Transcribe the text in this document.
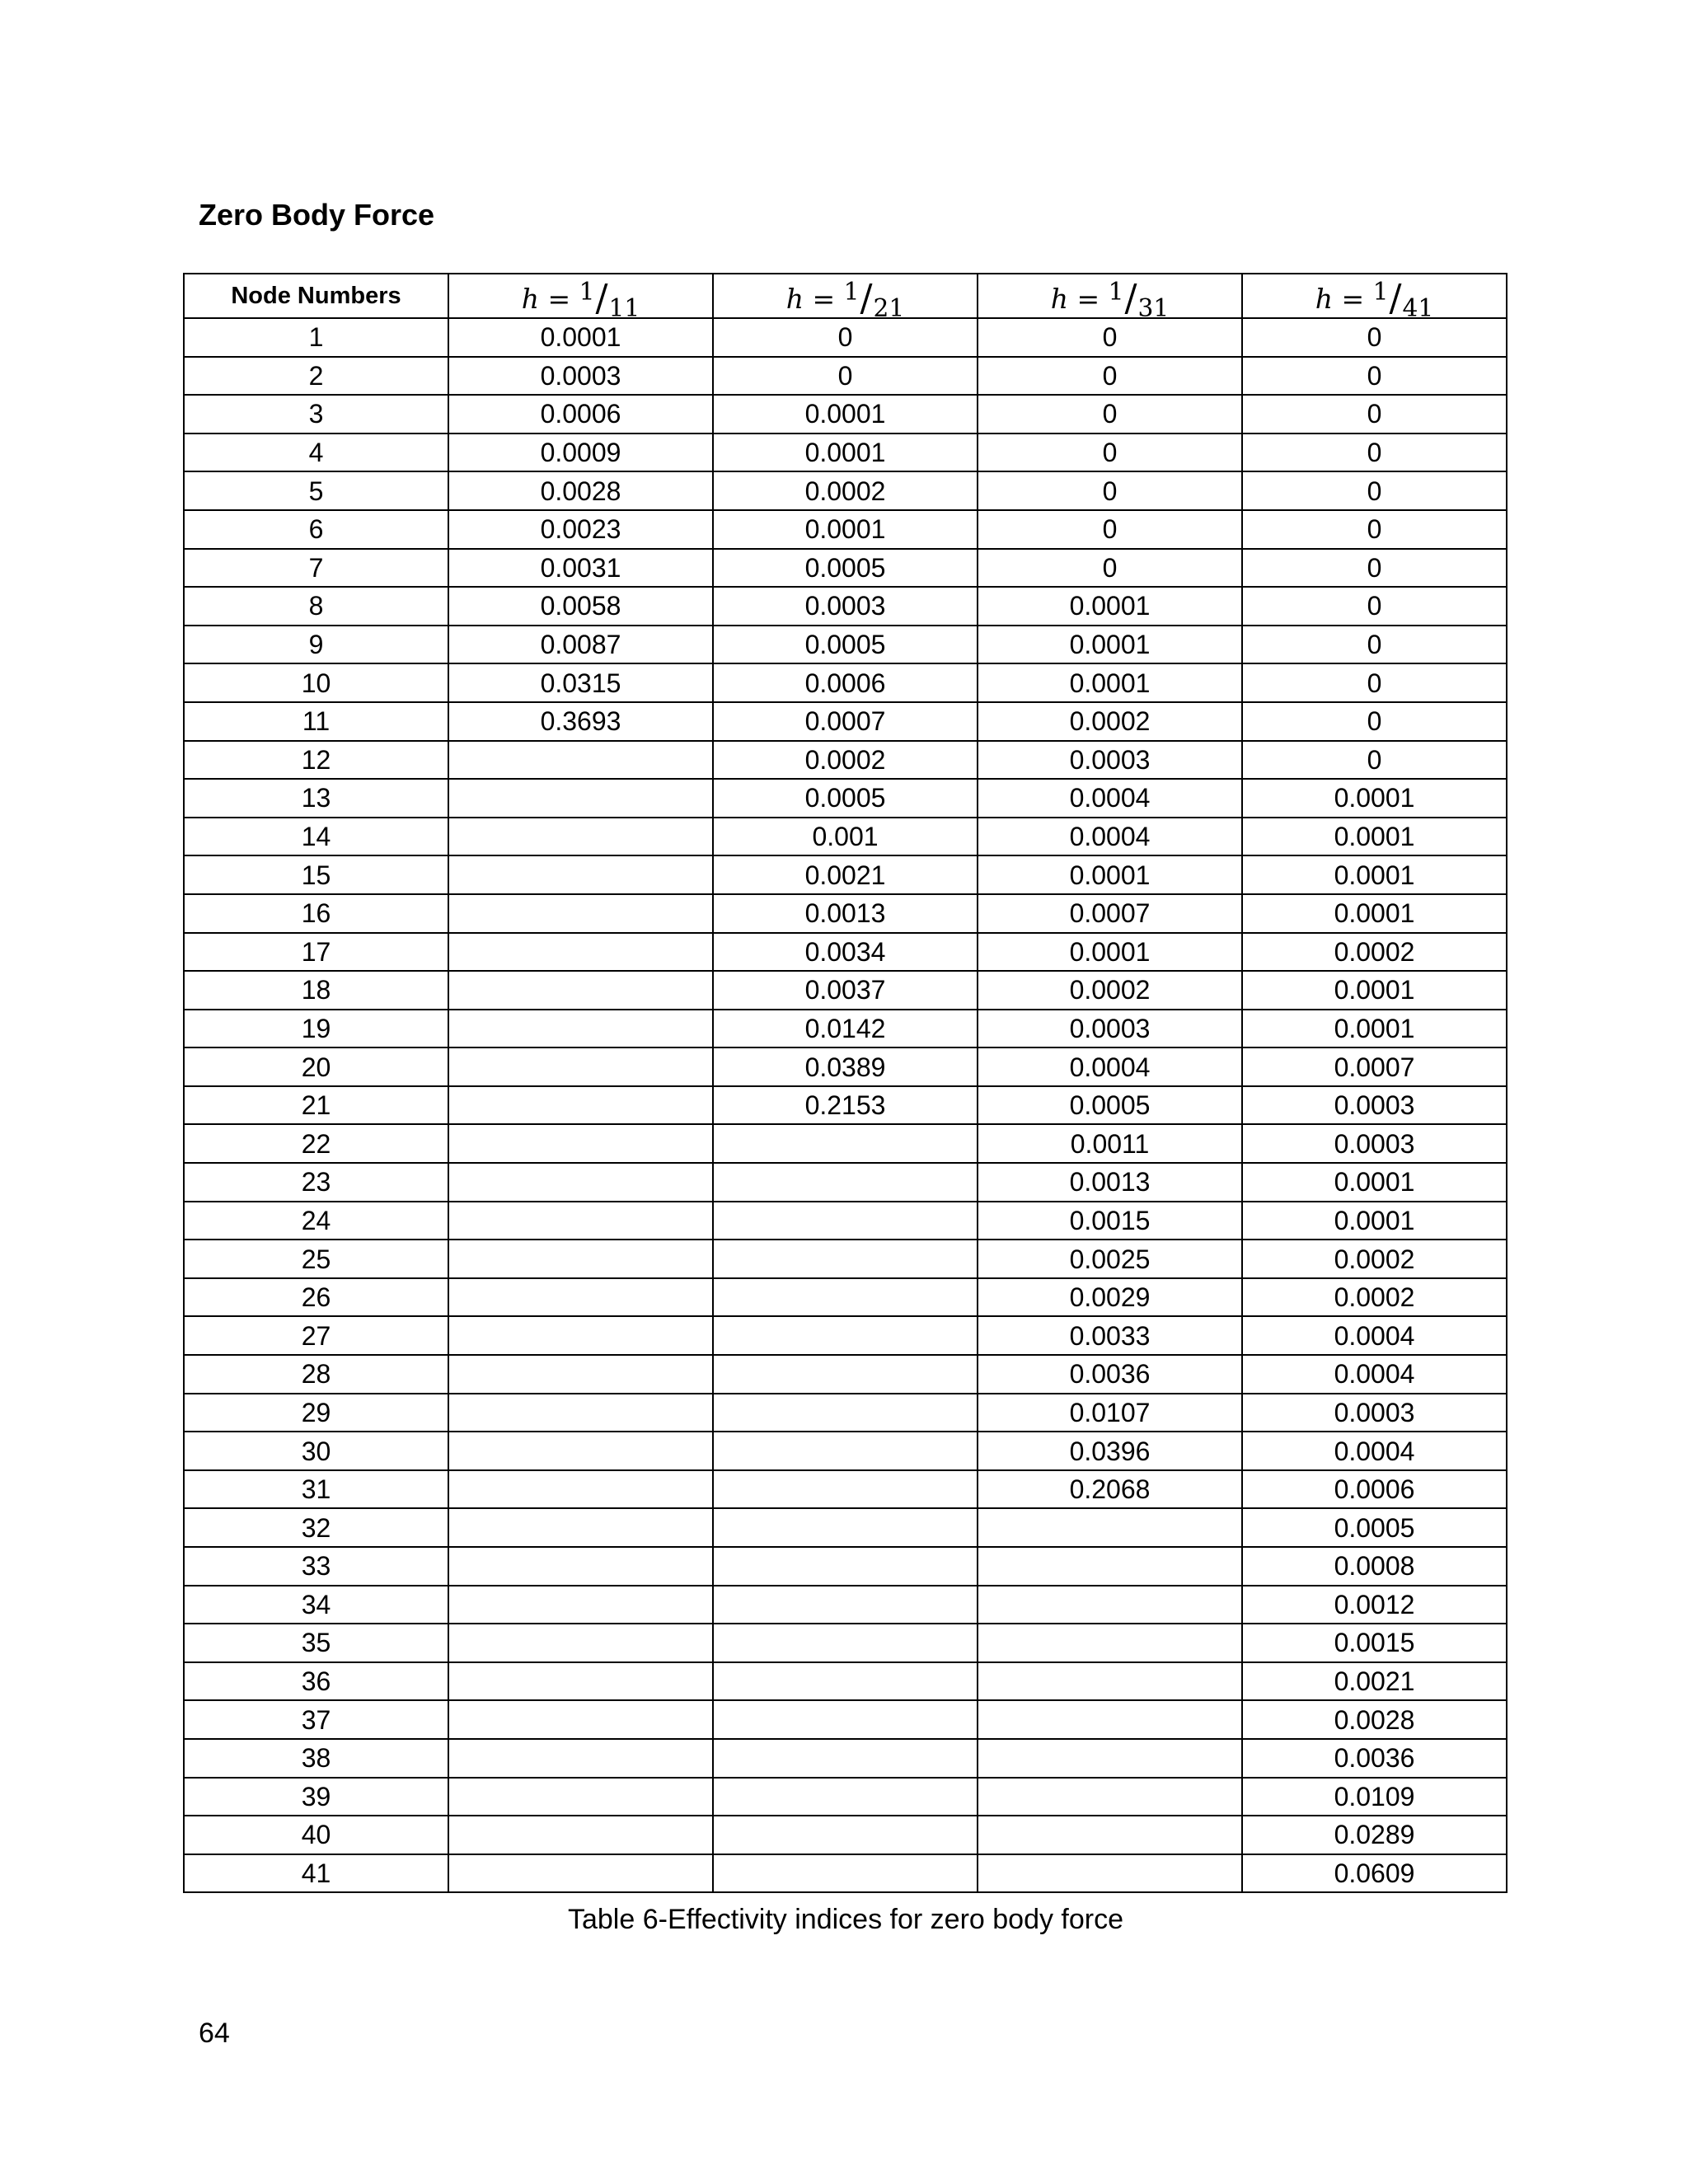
Zero Body Force
Node Numbers	h = 1/11	h = 1/21	h = 1/31	h = 1/41
1	0.0001	0	0	0
2	0.0003	0	0	0
3	0.0006	0.0001	0	0
4	0.0009	0.0001	0	0
5	0.0028	0.0002	0	0
6	0.0023	0.0001	0	0
7	0.0031	0.0005	0	0
8	0.0058	0.0003	0.0001	0
9	0.0087	0.0005	0.0001	0
10	0.0315	0.0006	0.0001	0
11	0.3693	0.0007	0.0002	0
12		0.0002	0.0003	0
13		0.0005	0.0004	0.0001
14		0.001	0.0004	0.0001
15		0.0021	0.0001	0.0001
16		0.0013	0.0007	0.0001
17		0.0034	0.0001	0.0002
18		0.0037	0.0002	0.0001
19		0.0142	0.0003	0.0001
20		0.0389	0.0004	0.0007
21		0.2153	0.0005	0.0003
22			0.0011	0.0003
23			0.0013	0.0001
24			0.0015	0.0001
25			0.0025	0.0002
26			0.0029	0.0002
27			0.0033	0.0004
28			0.0036	0.0004
29			0.0107	0.0003
30			0.0396	0.0004
31			0.2068	0.0006
32				0.0005
33				0.0008
34				0.0012
35				0.0015
36				0.0021
37				0.0028
38				0.0036
39				0.0109
40				0.0289
41				0.0609
Table 6-Effectivity indices for zero body force
64
